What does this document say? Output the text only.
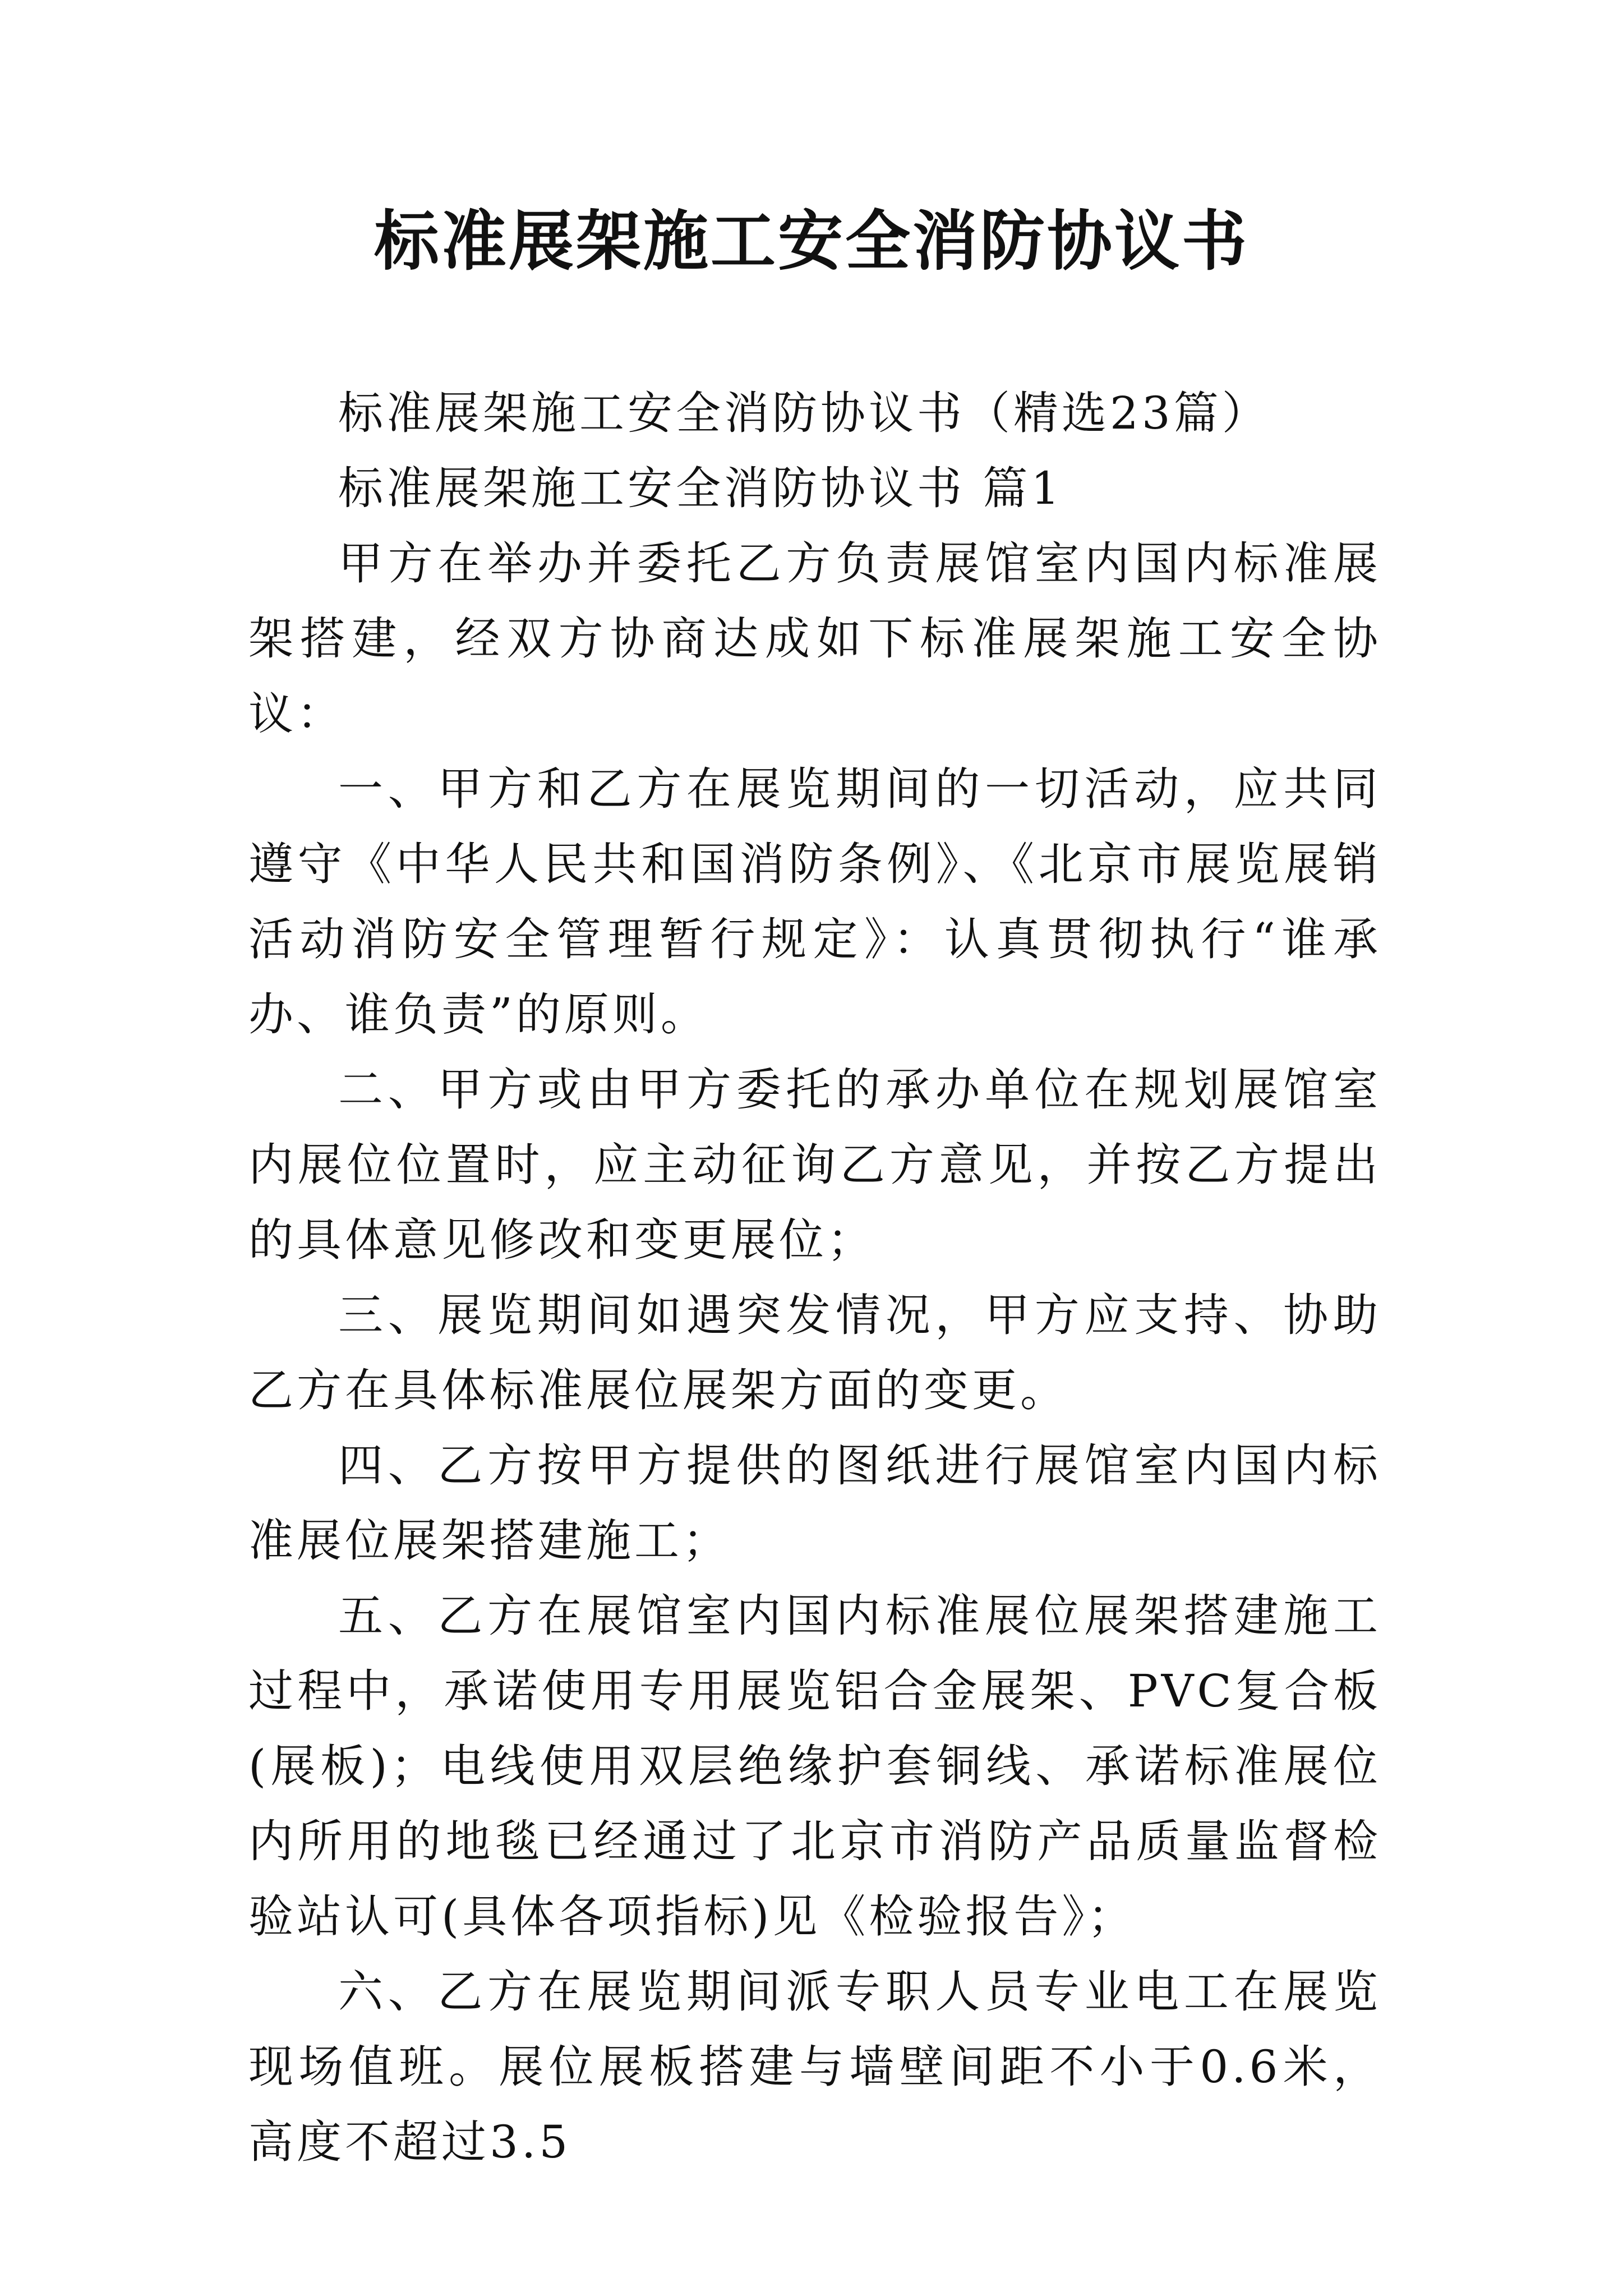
标准展架施工安全消防协议书

标准展架施工安全消防协议书（精选23篇）

标准展架施工安全消防协议书 篇1

甲方在举办并委托乙方负责展馆室内国内标准展架搭建，经双方协商达成如下标准展架施工安全协议：

一、甲方和乙方在展览期间的一切活动，应共同遵守《中华人民共和国消防条例》、《北京市展览展销活动消防安全管理暂行规定》：认真贯彻执行“谁承办、谁负责”的原则。

二、甲方或由甲方委托的承办单位在规划展馆室内展位位置时，应主动征询乙方意见，并按乙方提出的具体意见修改和变更展位；

三、展览期间如遇突发情况，甲方应支持、协助乙方在具体标准展位展架方面的变更。

四、乙方按甲方提供的图纸进行展馆室内国内标准展位展架搭建施工；

五、乙方在展馆室内国内标准展位展架搭建施工过程中，承诺使用专用展览铝合金展架、PVC复合板(展板)；电线使用双层绝缘护套铜线、承诺标准展位内所用的地毯已经通过了北京市消防产品质量监督检验站认可(具体各项指标)见《检验报告》；

六、乙方在展览期间派专职人员专业电工在展览现场值班。展位展板搭建与墙壁间距不小于0.6米，高度不超过3.5
